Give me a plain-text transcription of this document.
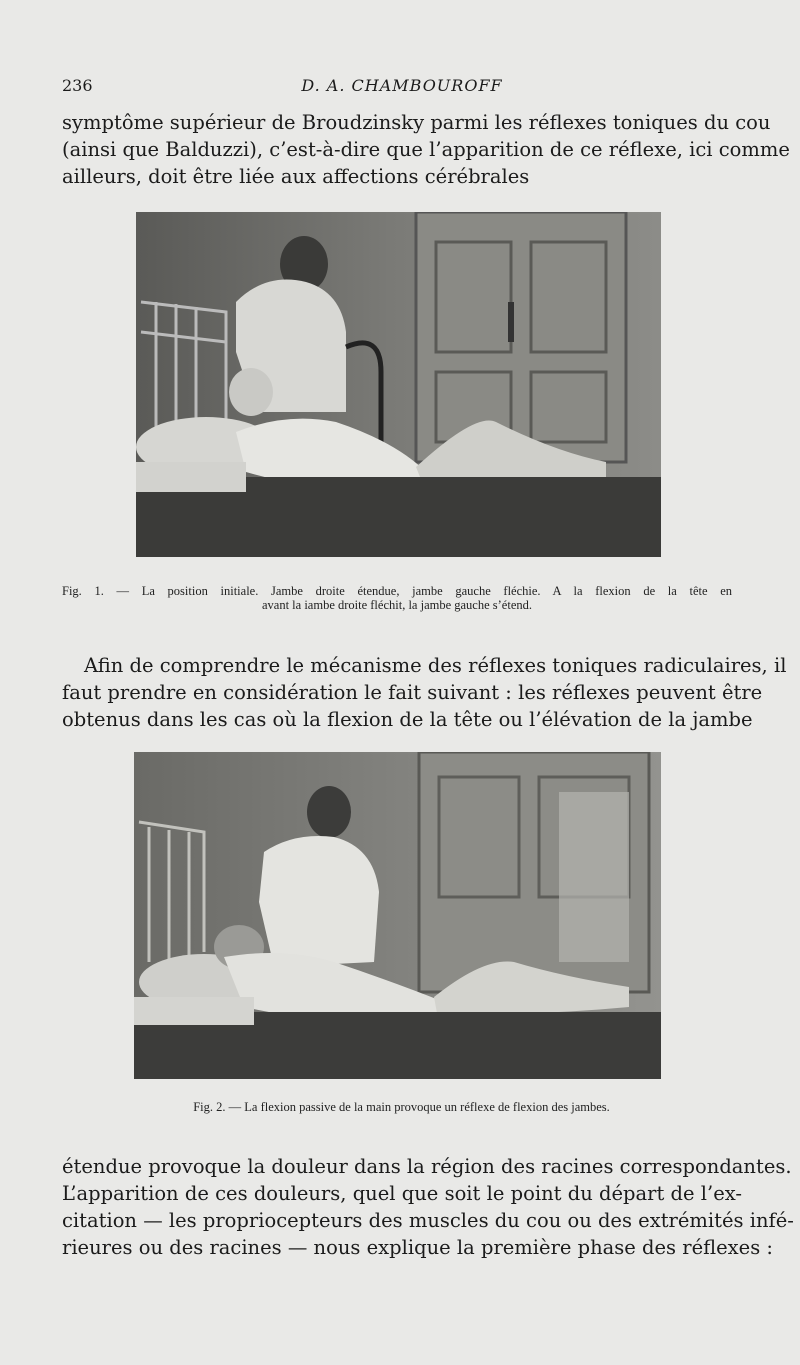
236	D. A. CHAMBOUROFF
symptôme supérieur de Broudzinsky parmi les réflexes toniques du cou
(ainsi que Balduzzi), c’est-à-dire que l’apparition de ce réflexe, ici comme
ailleurs, doit être liée aux affections cérébrales
Fig. 1. — La position initiale. Jambe droite étendue, jambe gauche fléchie. A la flexion de la tête en
avant la iambe droite fléchit, la jambe gauche s’étend.
Afin de comprendre le mécanisme des réflexes toniques radiculaires, il
faut prendre en considération le fait suivant : les réflexes peuvent être
obtenus dans les cas où la flexion de la tête ou l’élévation de la jambe
Fig. 2. — La flexion passive de la main provoque un réflexe de flexion des jambes.
étendue provoque la douleur dans la région des racines correspondantes.
L’apparition de ces douleurs, quel que soit le point du départ de l’ex-
citation — les propriocepteurs des muscles du cou ou des extrémités infé-
rieures ou des racines — nous explique la première phase des réflexes :
